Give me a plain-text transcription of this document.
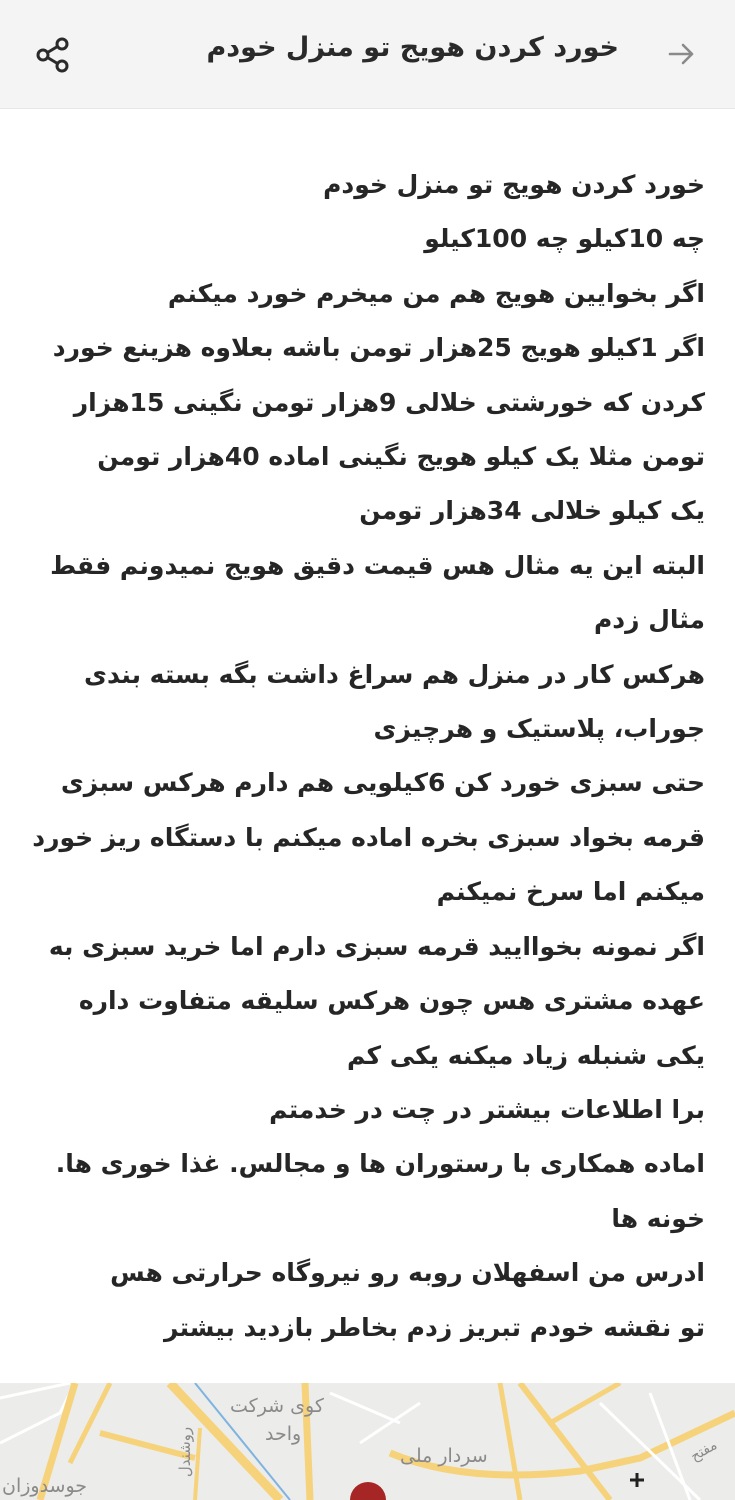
خورد کردن هویج تو منزل خودم
خورد کردن هویج تو منزل خودم
چه 10کیلو چه 100کیلو
اگر بخوایین هویج هم من میخرم خورد میکنم
اگر 1کیلو هویج 25هزار تومن باشه بعلاوه هزینع خورد
کردن که خورشتی خلالی 9هزار تومن نگینی 15هزار
تومن مثلا یک کیلو هویج نگینی اماده 40هزار تومن
یک کیلو خلالی 34هزار تومن
البته این یه مثال هس قیمت دقیق هویج نمیدونم فقط
مثال زدم
هرکس کار در منزل هم سراغ داشت بگه بسته بندی
جوراب، پلاستیک و هرچیزی
حتی سبزی خورد کن 6کیلویی هم دارم هرکس سبزی
قرمه بخواد سبزی بخره اماده میکنم با دستگاه ریز خورد
میکنم اما سرخ نمیکنم
اگر نمونه بخواایید قرمه سبزی دارم اما خرید سبزی به
عهده مشتری هس چون هرکس سلیقه متفاوت داره
یکی شنبله زیاد میکنه یکی کم
برا اطلاعات بیشتر در چت در خدمتم
اماده همکاری با رستوران ها و مجالس. غذا خوری ها.
خونه ها
ادرس من اسفهلان روبه رو نیروگاه حرارتی هس
تو نقشه خودم تبریز زدم بخاطر بازدید بیشتر
کوی شرکت
واحد
سردار ملی
جوسدوزان
روشندل	مفتح
